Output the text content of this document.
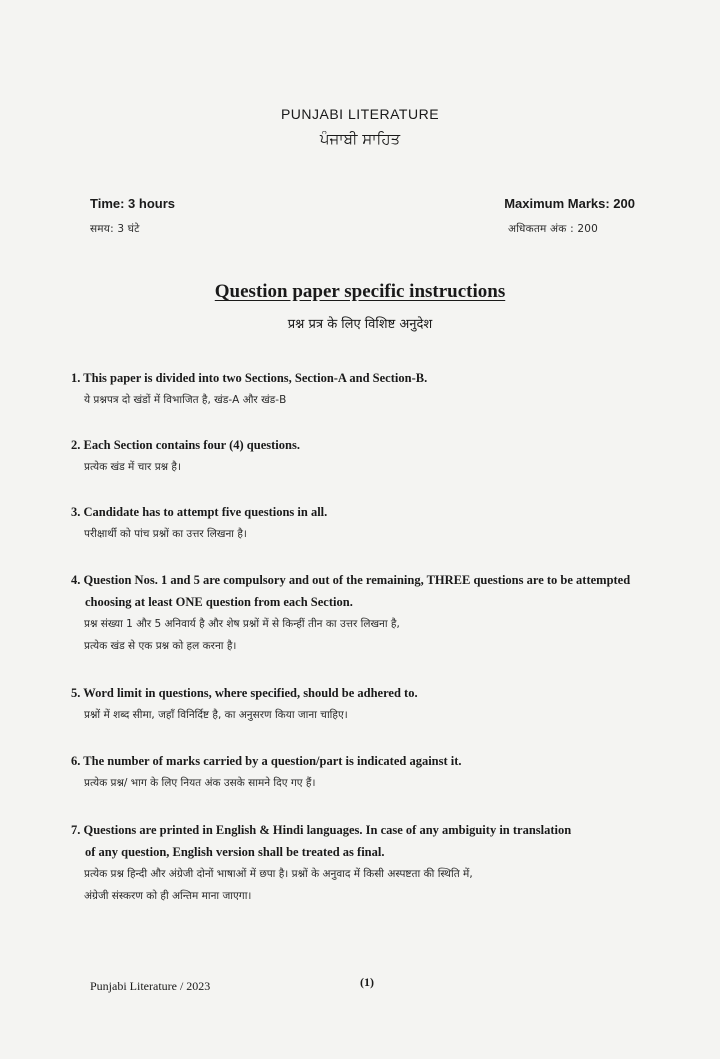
PUNJABI LITERATURE
ਪੰਜਾਬੀ ਸਾਹਿਤ
Time: 3 hours
समय: 3 घंटे
Maximum Marks: 200
अधिकतम अंक : 200
Question paper specific instructions
प्रश्न प्रत्र के लिए विशिष्ट अनुदेश
1. This paper is divided into two Sections, Section-A and Section-B.
ये प्रश्नपत्र दो खंडों में विभाजित है, खंड-A और खंड-B
2. Each Section contains four (4) questions.
प्रत्येक खंड में चार प्रश्न है।
3. Candidate has to attempt five questions in all.
परीक्षार्थी को पांच प्रश्नों का उत्तर लिखना है।
4. Question Nos. 1 and 5 are compulsory and out of the remaining, THREE questions are to be attempted
choosing at least ONE question from each Section.
प्रश्न संख्या 1 और 5 अनिवार्य है और शेष प्रश्नों में से किन्हीं तीन का उत्तर लिखना है,
प्रत्येक खंड से एक प्रश्न को हल करना है।
5. Word limit in questions, where specified, should be adhered to.
प्रश्नों में शब्द सीमा, जहाँ विनिर्दिष्ट है, का अनुसरण किया जाना चाहिए।
6. The number of marks carried by a question/part is indicated against it.
प्रत्येक प्रश्न/ भाग के लिए नियत अंक उसके सामने दिए गए हैं।
7. Questions are printed in English & Hindi languages. In case of any ambiguity in translation
of any question, English version shall be treated as final.
प्रत्येक प्रश्न हिन्दी और अंग्रेजी दोनों भाषाओं में छपा है। प्रश्नों के अनुवाद में किसी अस्पष्टता की स्थिति में,
अंग्रेजी संस्करण को ही अन्तिम माना जाएगा।
Punjabi Literature / 2023	(1)
